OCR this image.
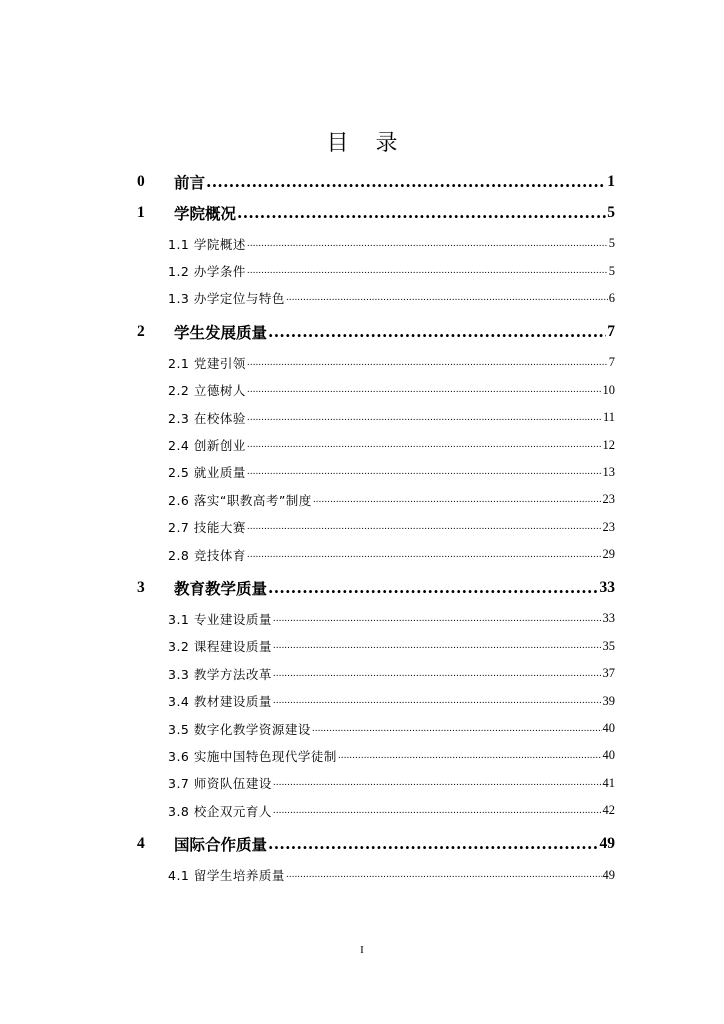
目 录
0	前言 .....	1
1	学院概况 .....	5
1.1 学院概述 .....	5
1.2 办学条件 .....	5
1.3 办学定位与特色 .....	6
2	学生发展质量 .....	7
2.1 党建引领 .....	7
2.2 立德树人 .....	10
2.3 在校体验 .....	11
2.4 创新创业 .....	12
2.5 就业质量 .....	13
2.6 落实“职教高考”制度 .....	23
2.7 技能大赛 .....	23
2.8 竞技体育 .....	29
3	教育教学质量 .....	33
3.1 专业建设质量 .....	33
3.2 课程建设质量 .....	35
3.3 教学方法改革 .....	37
3.4 教材建设质量 .....	39
3.5 数字化教学资源建设 .....	40
3.6 实施中国特色现代学徒制 .....	40
3.7 师资队伍建设 .....	41
3.8 校企双元育人 .....	42
4	国际合作质量 .....	49
4.1 留学生培养质量 .....	49
I
